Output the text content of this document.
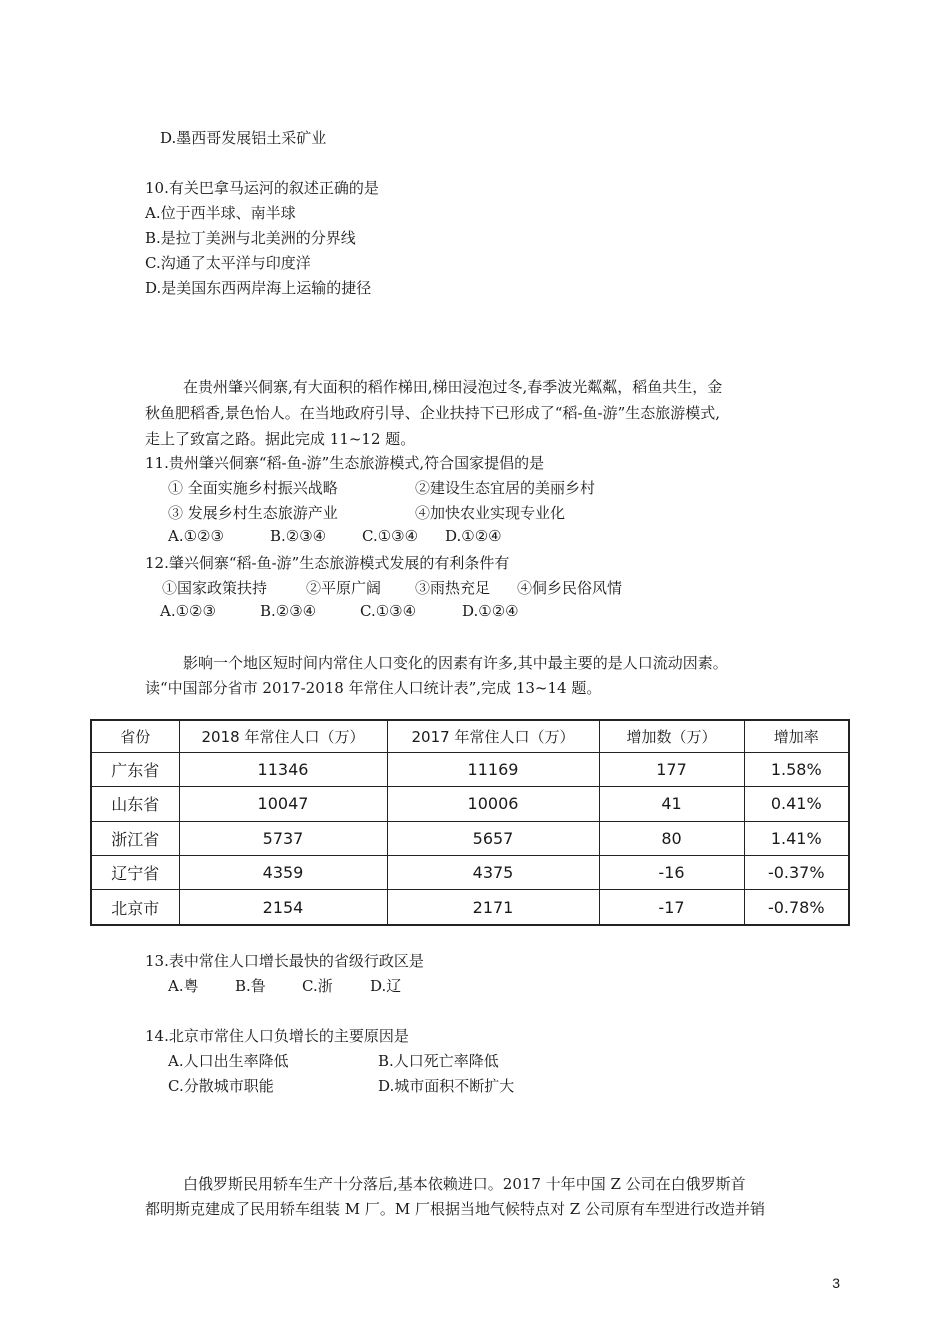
D.墨西哥发展铝土采矿业
10.有关巴拿马运河的叙述正确的是
A.位于西半球、南半球
B.是拉丁美洲与北美洲的分界线
C.沟通了太平洋与印度洋
D.是美国东西两岸海上运输的捷径
在贵州肇兴侗寨,有大面积的稻作梯田,梯田浸泡过冬,春季波光粼粼，稻鱼共生，金
秋鱼肥稻香,景色怡人。在当地政府引导、企业扶持下已形成了“稻-鱼-游”生态旅游模式,
走上了致富之路。据此完成 11~12 题。
11.贵州肇兴侗寨“稻-鱼-游”生态旅游模式,符合国家提倡的是
① 全面实施乡村振兴战略	②建设生态宜居的美丽乡村
③ 发展乡村生态旅游产业	④加快农业实现专业化
A.①②③	B.②③④ C.①③④ D.①②④
12.肇兴侗寨“稻-鱼-游”生态旅游模式发展的有利条件有
①国家政策扶持	②平原广阔 ③雨热充足 ④侗乡民俗风情
A.①②③	B.②③④	C.①③④	D.①②④
影响一个地区短时间内常住人口变化的因素有许多,其中最主要的是人口流动因素。
读“中国部分省市 2017-2018 年常住人口统计表”,完成 13~14 题。
省份	2018 年常住人口（万）	2017 年常住人口（万）	增加数（万）	增加率
广东省	11346	11169	177	1.58%
山东省	10047	10006	41	0.41%
浙江省	5737	5657	80	1.41%
辽宁省	4359	4375	-16	-0.37%
北京市	2154	2171	-17	-0.78%
13.表中常住人口增长最快的省级行政区是
A.粤 B.鲁 C.浙 D.辽
14.北京市常住人口负增长的主要原因是
A.人口出生率降低	B.人口死亡率降低
C.分散城市职能	D.城市面积不断扩大
白俄罗斯民用轿车生产十分落后,基本依赖进口。2017 十年中国 Z 公司在白俄罗斯首
都明斯克建成了民用轿车组装 M 厂。M 厂根据当地气候特点对 Z 公司原有车型进行改造并销
3
